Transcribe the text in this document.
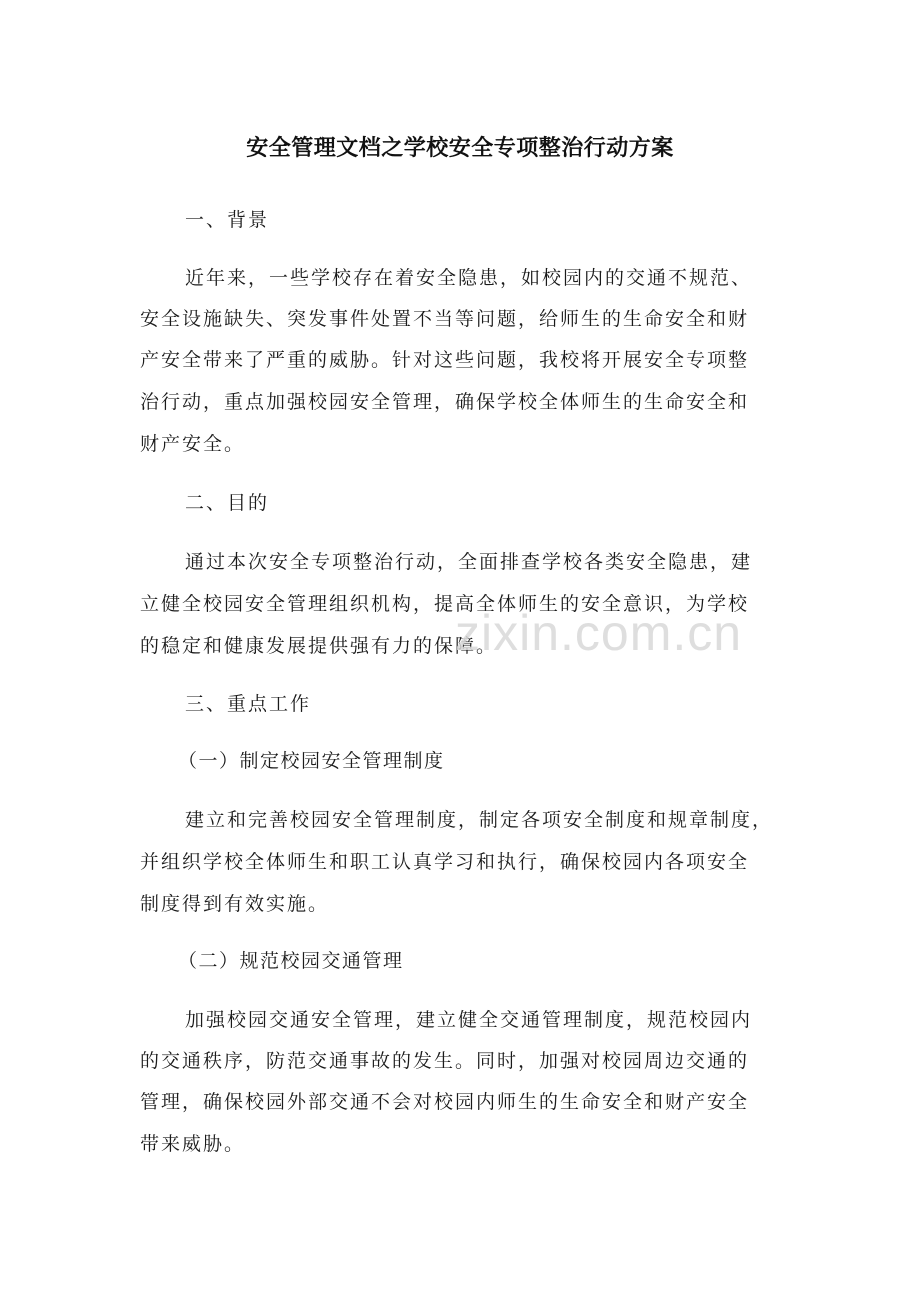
安全管理文档之学校安全专项整治行动方案
一、背景
近年来，一些学校存在着安全隐患，如校园内的交通不规范、
安全设施缺失、突发事件处置不当等问题，给师生的生命安全和财
产安全带来了严重的威胁。针对这些问题，我校将开展安全专项整
治行动，重点加强校园安全管理，确保学校全体师生的生命安全和
财产安全。
二、目的
通过本次安全专项整治行动，全面排查学校各类安全隐患，建
立健全校园安全管理组织机构，提高全体师生的安全意识，为学校
的稳定和健康发展提供强有力的保障。
三、重点工作
（一）制定校园安全管理制度
建立和完善校园安全管理制度，制定各项安全制度和规章制度，
并组织学校全体师生和职工认真学习和执行，确保校园内各项安全
制度得到有效实施。
（二）规范校园交通管理
加强校园交通安全管理，建立健全交通管理制度，规范校园内
的交通秩序，防范交通事故的发生。同时，加强对校园周边交通的
管理，确保校园外部交通不会对校园内师生的生命安全和财产安全
带来威胁。
zixin.com.cn
